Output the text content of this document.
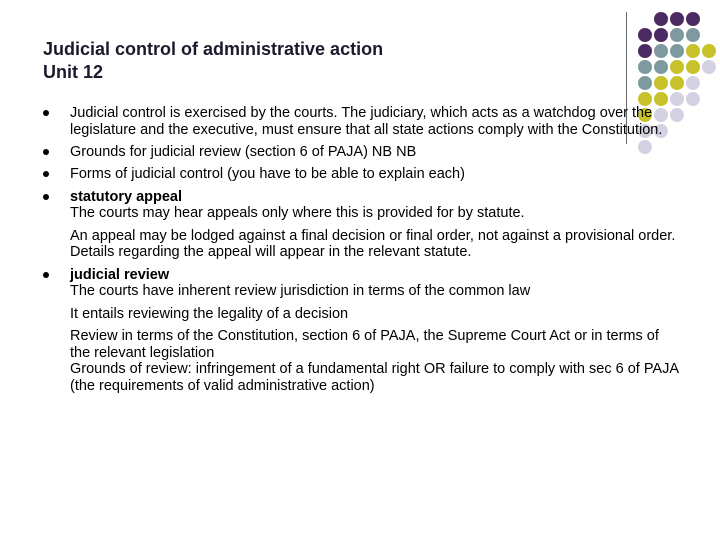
Judicial control of administrative action
Unit 12
Judicial control is exercised by the courts. The judiciary, which acts as a watchdog over the legislature and the executive, must ensure that all state actions comply with the Constitution.
Grounds for judicial review (section 6 of PAJA) NB NB
Forms of judicial control (you have to be able to explain each)
statutory appeal
The courts may hear appeals only where this is provided for by statute.
An appeal may be lodged against a final decision or final order, not against a provisional order.
Details regarding the appeal will appear in the relevant statute.
judicial review
The courts have inherent review jurisdiction in terms of the common law
It entails reviewing the legality of a decision
Review in terms of the Constitution, section 6 of PAJA, the Supreme Court Act or in terms of the relevant legislation
Grounds of review: infringement of a fundamental right OR failure to comply with sec 6 of PAJA (the requirements of valid administrative action)
